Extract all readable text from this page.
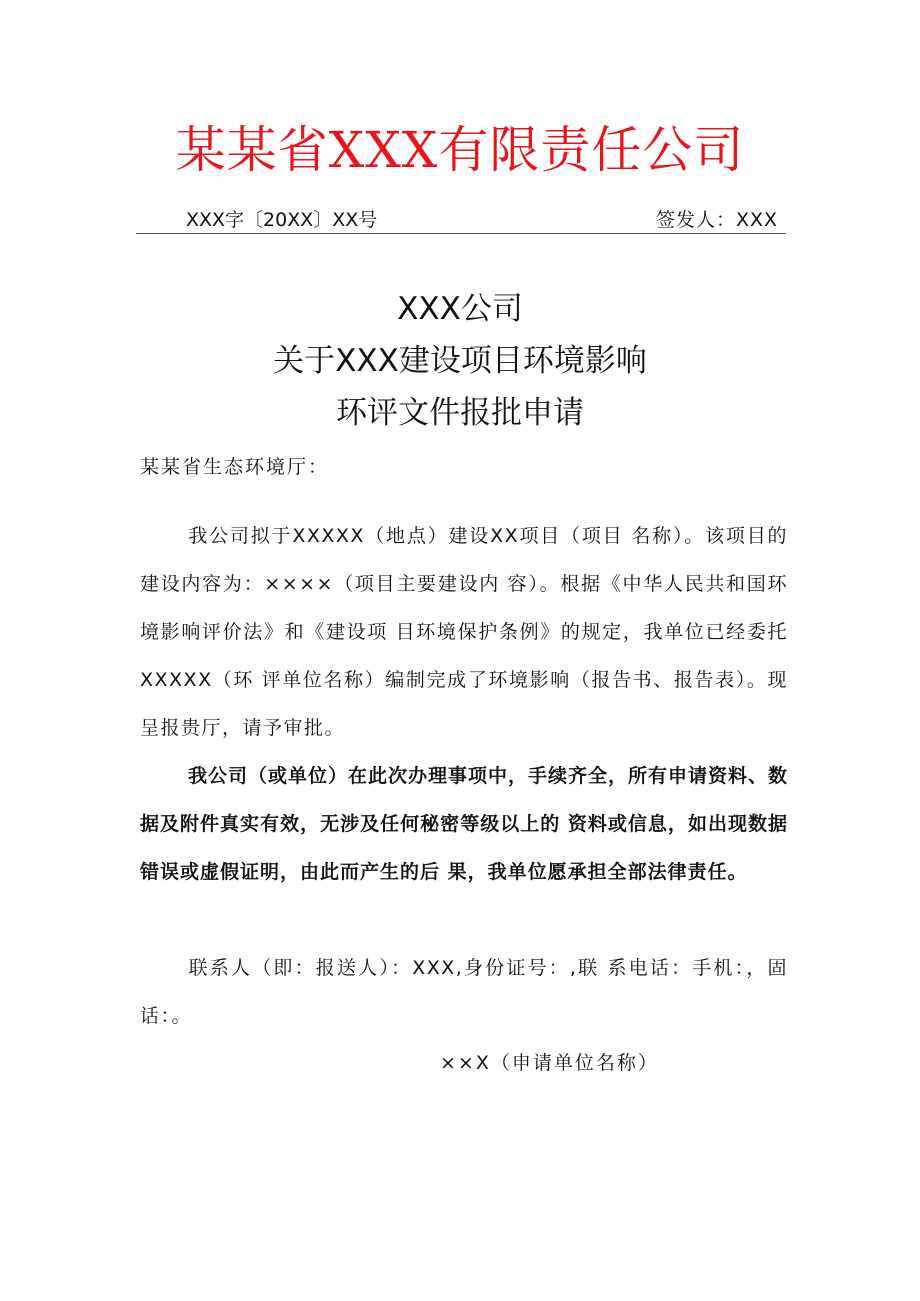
某某省XXX有限责任公司
XXX字〔20XX〕XX号	签发人：XXX
XXX公司
关于XXX建设项目环境影响
环评文件报批申请
某某省生态环境厅：
我公司拟于XXXXX（地点）建设XX项目（项目 名称）。该项目的建设内容为：××××（项目主要建设内 容）。根据《中华人民共和国环境影响评价法》和《建设项 目环境保护条例》的规定，我单位已经委托XXXXX（环 评单位名称）编制完成了环境影响（报告书、报告表）。现 呈报贵厅，请予审批。
我公司（或单位）在此次办理事项中，手续齐全，所有申请资料、数据及附件真实有效，无涉及任何秘密等级以上的 资料或信息，如出现数据错误或虚假证明，由此而产生的后 果，我单位愿承担全部法律责任。
联系人（即：报送人）：XXX,身份证号：,联 系电话：手机：，固话：。
××X（申请单位名称）
